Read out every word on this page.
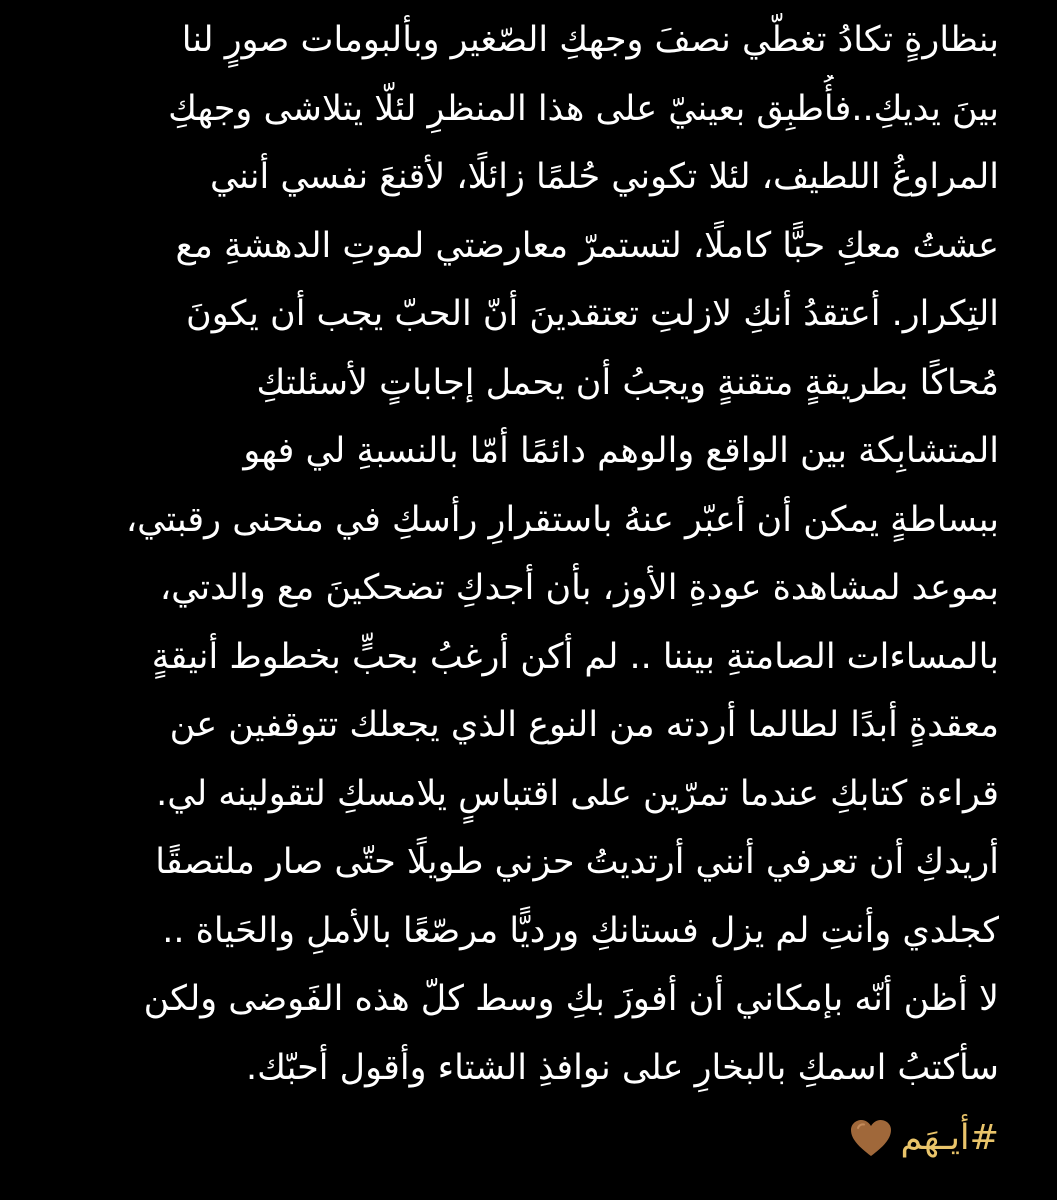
بنظارةٍ تكادُ تغطّي نصفَ وجهكِ الصّغير وبألبومات صورٍ لنا
بينَ يديكِ..فأُطبِق بعينيّ على هذا المنظرِ لئلّا يتلاشى وجهكِ
المراوغُ اللطيف، لئلا تكوني حُلمًا زائلًا، لأقنعَ نفسي أنني
عشتُ معكِ حبًّا كاملًا، لتستمرّ معارضتي لموتِ الدهشةِ مع
التِكرار. أعتقدُ أنكِ لازلتِ تعتقدينَ أنّ الحبّ يجب أن يكونَ
مُحاكًا بطريقةٍ متقنةٍ ويجبُ أن يحمل إجاباتٍ لأسئلتكِ
المتشابِكة بين الواقع والوهم دائمًا أمّا بالنسبةِ لي فهو
ببساطةٍ يمكن أن أعبّر عنهُ باستقرارِ رأسكِ في منحنى رقبتي،
بموعد لمشاهدة عودةِ الأوز، بأن أجدكِ تضحكينَ مع والدتي،
بالمساءات الصامتةِ بيننا .. لم أكن أرغبُ بحبٍّ بخطوط أنيقةٍ
معقدةٍ أبدًا لطالما أردته من النوع الذي يجعلك تتوقفين عن
قراءة كتابكِ عندما تمرّين على اقتباسٍ يلامسكِ لتقولينه لي.
أريدكِ أن تعرفي أنني أرتديتُ حزني طويلًا حتّى صار ملتصقًا
كجلدي وأنتِ لم يزل فستانكِ ورديًّا مرصّعًا بالأملِ والحَياة ..
لا أظن أنّه بإمكاني أن أفوزَ بكِ وسط كلّ هذه الفَوضى ولكن
سأكتبُ اسمكِ بالبخارِ على نوافذِ الشتاء وأقول أحبّك.
#أيـهَم
